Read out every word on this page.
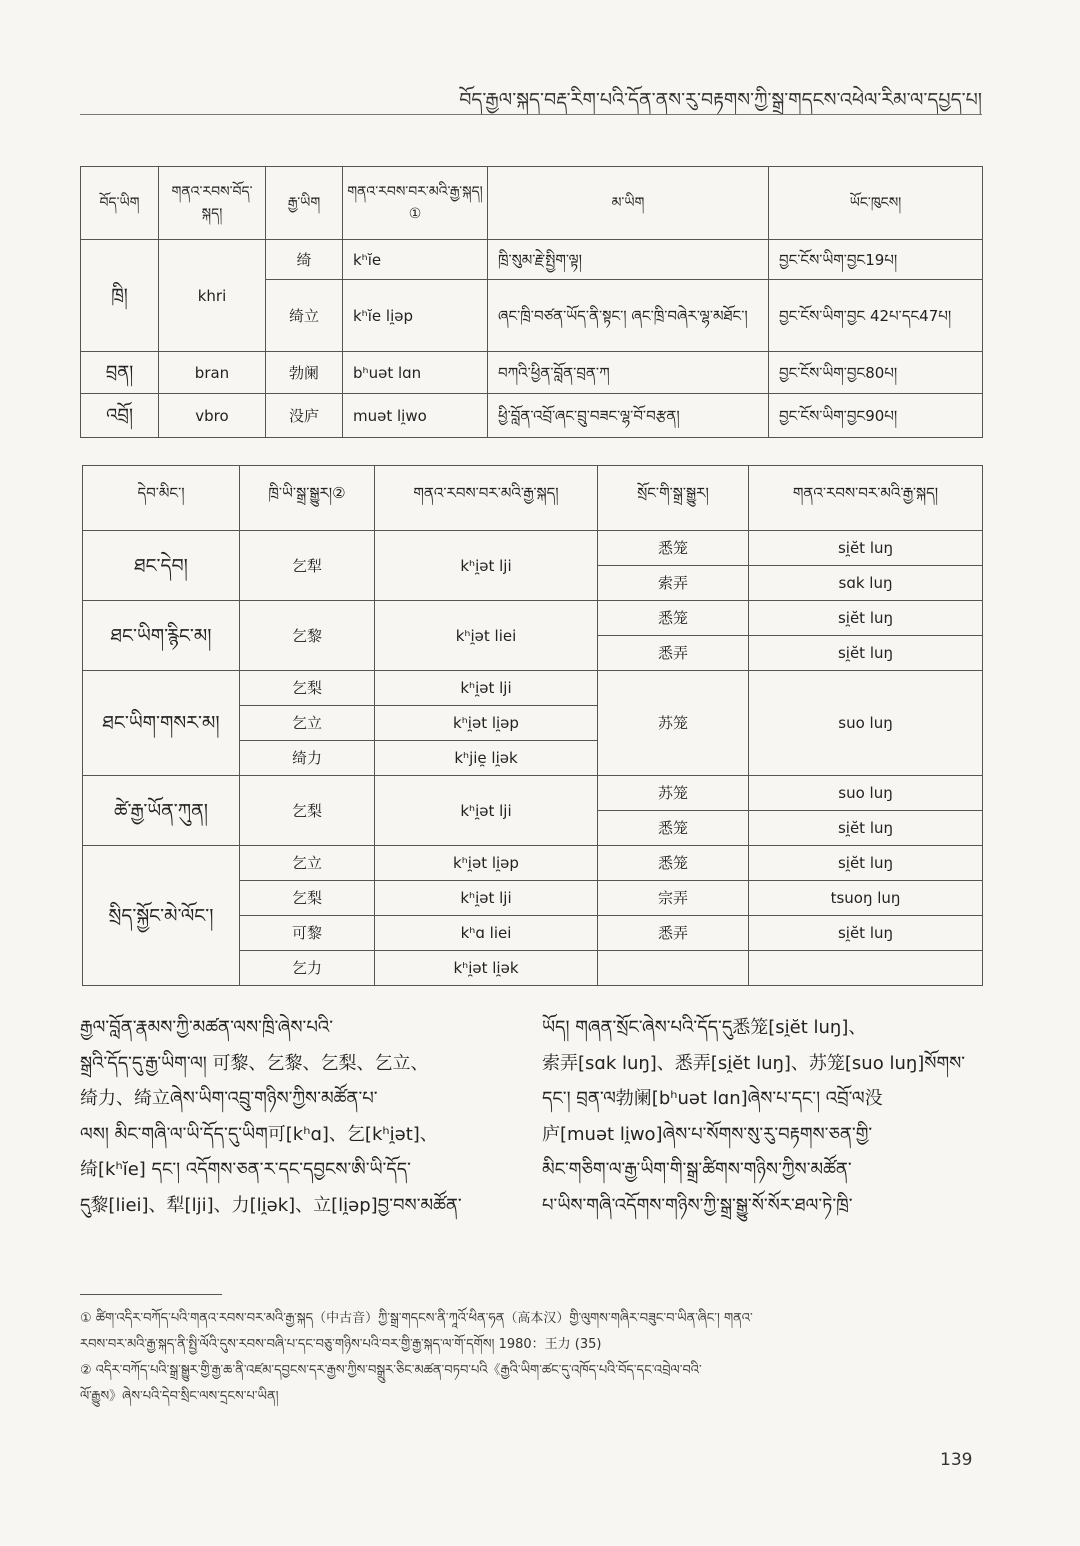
བོད་རྒྱལ་སྐད་བརྡ་རིག་པའི་དོན་ནས་རུ་བརྟགས་ཀྱི་སྒྲ་གདངས་འཕེལ་རིམ་ལ་དཔྱད་པ།
བོད་ཡིག	གནའ་རབས་བོད་སྐད།	རྒྱ་ཡིག	གནའ་རབས་བར་མའི་རྒྱ་སྐད།①	མ་ཡིག	ཡོང་ཁུངས།
ཁྲི།	khri	绮	kʰĭe	ཁྲི་སུམ་རྗེ་སྤྱིག་ལྟ།	བྱང་ངོས་ཡིག་བྱང19པ།
		绮立	kʰĭe li̯əp	ཞང་ཁྲི་བཙན་ཡོད་ནི་སྟང་། ཞང་ཁྲི་བཞེར་ལྷ་མཐོང་།	བྱང་ངོས་ཡིག་བྱང 42པ་དང47པ།
བྲན།	bran	勃阑	bʰuət lɑn	བཀའི་ཕྱིན་བློན་བྲན་ཀ	བྱང་ངོས་ཡིག་བྱང80པ།
འབྲོ།	vbro	没庐	muət li̯wo	ཕྱི་བློན་འབྲོ་ཞང་བྲུ་བཟང་ལྷ་བོ་བརྩན།	བྱང་ངོས་ཡིག་བྱང90པ།
དེབ་མིང་།	ཁྲི་ཡི་སྒྲ་སྒྱུར།②	གནའ་རབས་བར་མའི་རྒྱ་སྐད།	སྲོང་གི་སྒྲ་སྒྱུར།	གནའ་རབས་བར་མའི་རྒྱ་སྐད།
ཐང་དེབ།	乞犁	kʰi̯ət lji	悉笼	si̯ĕt luŋ
			索弄	sɑk luŋ
ཐང་ཡིག་རྙིང་མ།	乞黎	kʰi̯ət liei	悉笼	si̯ĕt luŋ
			悉弄	si̯ĕt luŋ
ཐང་ཡིག་གསར་མ།	乞梨	kʰi̯ət lji	苏笼	suo luŋ
	乞立	kʰi̯ət li̯əp		
	绮力	kʰjie̯ li̯ək		
ཚེ་རྒྱ་ཡོན་ཀུན།	乞梨	kʰi̯ət lji	苏笼	suo luŋ
			悉笼	si̯ĕt luŋ
སྲིད་སྐྱོང་མེ་ལོང་།	乞立	kʰi̯ət li̯əp	悉笼	si̯ĕt luŋ
	乞梨	kʰi̯ət lji	宗弄	tsuoŋ luŋ
	可黎	kʰɑ liei	悉弄	si̯ĕt luŋ
	乞力	kʰi̯ət li̯ək		
རྒྱལ་བློན་རྣམས་ཀྱི་མཚན་ལས་ཁྲི་ཞེས་པའི་
སྒྲའི་དོད་དུ་རྒྱ་ཡིག་ལ། 可黎、乞黎、乞梨、乞立、
绮力、绮立ཞེས་ཡིག་འབྲུ་གཉིས་ཀྱིས་མཚོན་པ་
ལས། མིང་གཞི་ལ་ཡི་དོད་དུ་ཡིག可[kʰɑ]、乞[kʰi̯ət]、
绮[kʰĭe] དང་། འདོགས་ཅན་ར་དང་དབྱངས་ཨི་ཡི་དོད་
དུ黎[liei]、犁[lji]、力[li̯ək]、立[li̯əp]བྱ་བས་མཚོན་
ཡོད། གཞན་སྲོང་ཞེས་པའི་དོད་དུ悉笼[si̯ĕt luŋ]、
索弄[sɑk luŋ]、悉弄[si̯ĕt luŋ]、苏笼[suo luŋ]སོགས་
དང་། བྲན་ལ勃阑[bʰuət lɑn]ཞེས་པ་དང་། འབྲོ་ལ没
庐[muət li̯wo]ཞེས་པ་སོགས་སུ་རུ་བརྟགས་ཅན་གྱི་
མིང་གཅིག་ལ་རྒྱ་ཡིག་གི་སྒྲ་ཚིགས་གཉིས་ཀྱིས་མཚོན་
པ་ཡིས་གཞི་འདོགས་གཉིས་ཀྱི་སྒྲ་སྒྱུ་སོ་སོར་ཐལ་ཏེ་ཁྲི་
① ཚིག་འདིར་བཀོད་པའི་གནའ་རབས་བར་མའི་རྒྱ་སྐད（中古音）ཀྱི་སྒྲ་གདངས་ནི་ཀཱའོ་ཕིན་ཧན（高本汉）གྱི་ལུགས་གཞིར་བཟུང་བ་ཡིན་ཞིང་། གནའ་
རབས་བར་མའི་རྒྱ་སྐད་ནི་སྤྱི་ལོའི་དུས་རབས་བཞི་པ་དང་བཅུ་གཉིས་པའི་བར་གྱི་རྒྱ་སྐད་ལ་གོ་དགོས། 1980：王力 (35)
② འདིར་བཀོད་པའི་སྒྲ་སྒྱུར་གྱི་རྒྱ་ཆ་ནི་འཛམ་དབྱངས་དར་རྒྱས་ཀྱིས་བསྒྲུར་ཅིང་མཚན་བཏབ་པའི《རྒྱའི་ཡིག་ཚང་དུ་འཁོད་པའི་བོད་དང་འབྲེལ་བའི་
ལོ་རྒྱུས》ཞེས་པའི་དེབ་སྲིང་ལས་དྲངས་པ་ཡིན།
139
